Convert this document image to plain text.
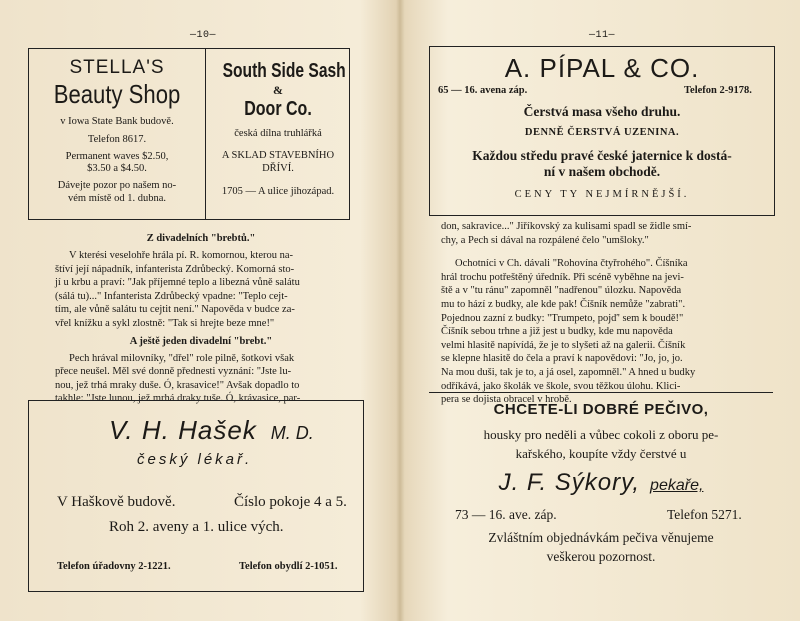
—10—
STELLA'S
Beauty Shop
v Iowa State Bank budově.
Telefon 8617.
Permanent waves $2.50,
$3.50 a $4.50.
Dávejte pozor po našem no-
vém místě od 1. dubna.
South Side Sash
&
Door Co.
česká dílna truhlářká
A SKLAD STAVEBNÍHO
DŘÍVÍ.
1705 — A ulice jihozápad.
Z divadelních "brebtů."

V kterési veselohře hrála pí. R. komornou, kterou na-

štíví její nápadník, infanterista Zdrůbecký. Komorná sto-

jí u krbu a praví: "Jak příjemné teplo a libezná vůně salátu

(sálá tu)..." Infanterista Zdrůbecký vpadne: "Teplo cejt-

tím, ale vůně salátu tu cejtit není." Napověda v budce za-

vřel knížku a sykl zlostně: "Tak si hrejte beze mne!"

A ještě jeden divadelní "brebt."

Pech hrával milovníky, "dřel" role pilně, šotkovi však

přece neušel. Měl své donně přednesti vyznání: "Jste lu-

nou, jež trhá mraky duše. Ó, krasavice!" Avšak dopadlo to

takhle: "Jste lunou, jež mrhá draky tuše. Ó, krávasice, par-

V. H. Hašek M. D.
český lékař.
V Haškově budově.	Číslo pokoje 4 a 5.
Roh 2. aveny a 1. ulice vých.
Telefon úřadovny 2-1221.	Telefon obydlí 2-1051.
—11—
A. PÍPAL & CO.
65 — 16. avena záp.	Telefon 2-9178.
Čerstvá masa všeho druhu.
DENNĚ ČERSTVÁ UZENINA.
Každou středu pravé české jaternice k dostá-
ní v našem obchodě.
CENY TY NEJMÍRNĚJŠÍ.

don, sakravice..." Jiříkovský za kulisami spadl se židle smí-

chy, a Pech si dával na rozpálené čelo "umšloky."

Ochotníci v Ch. dávali "Rohovína čtyřrohého". Číšníka

hrál trochu potřeštěný úředník. Při scéně vyběhne na jevi-

ště a v "tu ránu" zapomněl "nadřenou" úlozku. Napověda

mu to hází z budky, ale kde pak! Číšník nemůže "zabrati".

Pojednou zazní z budky: "Trumpeto, pojď' sem k boudě!"

Číšník sebou trhne a již jest u budky, kde mu napověda

velmi hlasitě napívídá, že je to slyšeti až na galerii. Číšník

se klepne hlasitě do čela a praví k napovědovi: "Jo, jo, jo.

Na mou duši, tak je to, a já osel, zapomněl." A hned u budky

odříkává, jako školák ve škole, svou těžkou úlohu. Klici-

pera se dojista obracel v hrobě.

CHCETE-LI DOBRÉ PEČIVO,
housky pro neděli a vůbec cokoli z oboru pe-
kařského, koupíte vždy čerstvé u
J. F. Sýkory, pekaře,
73 — 16. ave. záp.	Telefon 5271.
Zvláštním objednávkám pečiva věnujeme
veškerou pozornost.
